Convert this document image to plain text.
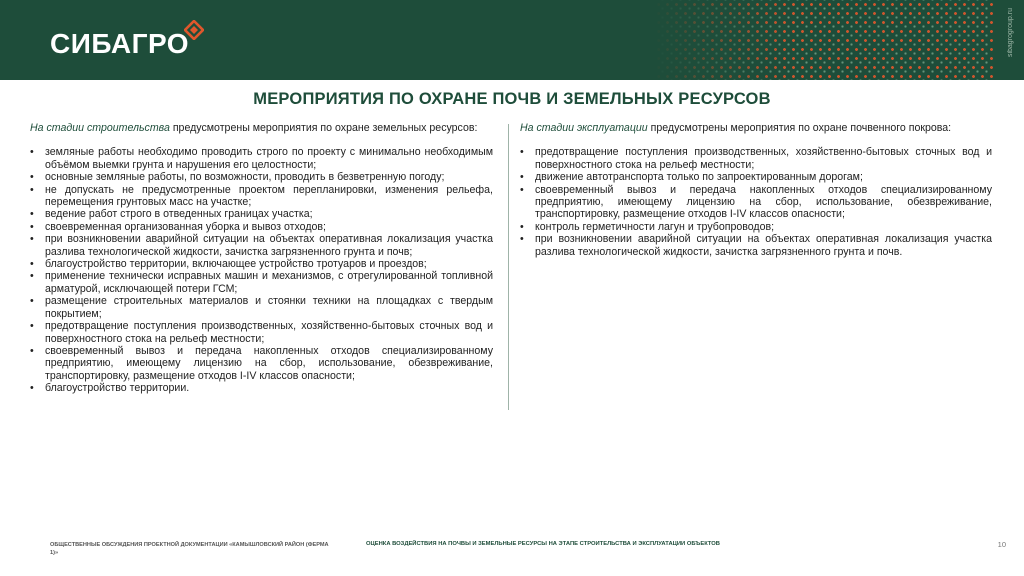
СИБАГРО	sibagrogroup.ru
МЕРОПРИЯТИЯ ПО ОХРАНЕ ПОЧВ И ЗЕМЕЛЬНЫХ РЕСУРСОВ
На стадии строительства предусмотрены мероприятия по охране земельных ресурсов:
• земляные работы необходимо проводить строго по проекту с минимально необходимым объёмом выемки грунта и нарушения его целостности;
• основные земляные работы, по возможности, проводить в безветренную погоду;
• не допускать не предусмотренные проектом перепланировки, изменения рельефа, перемещения грунтовых масс на участке;
• ведение работ строго в отведенных границах участка;
• своевременная организованная уборка и вывоз отходов;
• при возникновении аварийной ситуации на объектах оперативная локализация участка разлива технологической жидкости, зачистка загрязненного грунта и почв;
• благоустройство территории, включающее устройство тротуаров и проездов;
• применение технически исправных машин и механизмов, с отрегулированной топливной арматурой, исключающей потери ГСМ;
• размещение строительных материалов и стоянки техники на площадках с твердым покрытием;
• предотвращение поступления производственных, хозяйственно-бытовых сточных вод и поверхностного стока на рельеф местности;
• своевременный вывоз и передача накопленных отходов специализированному предприятию, имеющему лицензию на сбор, использование, обезвреживание, транспортировку, размещение отходов I-IV классов опасности;
• благоустройство территории.
На стадии эксплуатации предусмотрены мероприятия по охране почвенного покрова:
• предотвращение поступления производственных, хозяйственно-бытовых сточных вод и поверхностного стока на рельеф местности;
• движение автотранспорта только по запроектированным дорогам;
• своевременный вывоз и передача накопленных отходов специализированному предприятию, имеющему лицензию на сбор, использование, обезвреживание, транспортировку, размещение отходов I-IV классов опасности;
• контроль герметичности лагун и трубопроводов;
• при возникновении аварийной ситуации на объектах оперативная локализация участка разлива технологической жидкости, зачистка загрязненного грунта и почв.
ОБЩЕСТВЕННЫЕ ОБСУЖДЕНИЯ ПРОЕКТНОЙ ДОКУМЕНТАЦИИ «КАМЫШЛОВСКИЙ РАЙОН (ФЕРМА 1)»
ОЦЕНКА ВОЗДЕЙСТВИЯ НА ПОЧВЫ И ЗЕМЕЛЬНЫЕ РЕСУРСЫ НА ЭТАПЕ СТРОИТЕЛЬСТВА И ЭКСПЛУАТАЦИИ ОБЪЕКТОВ	10
